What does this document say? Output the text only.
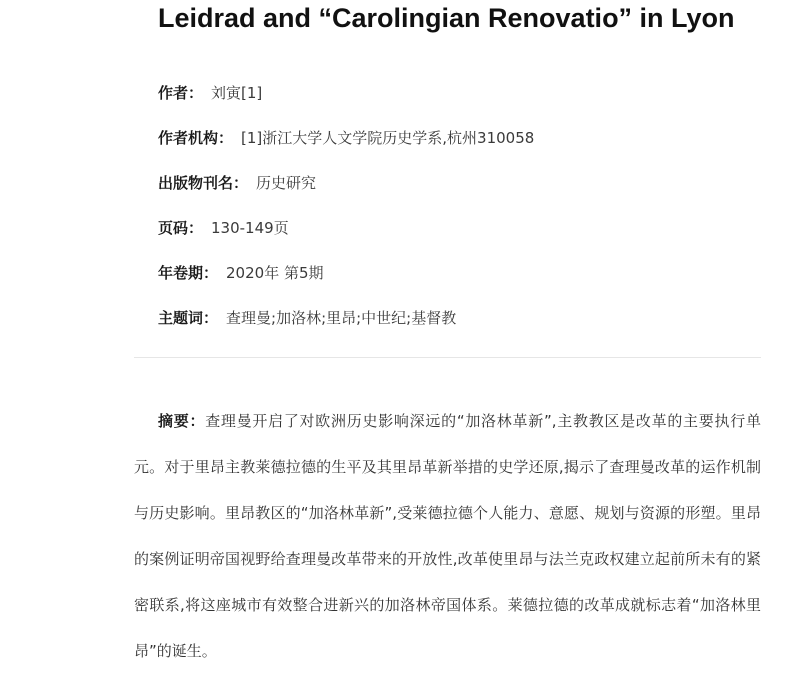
Leidrad and “Carolingian Renovatio” in Lyon
作者： 刘寅[1]
作者机构： [1]浙江大学人文学院历史学系,杭州310058
出版物刊名： 历史研究
页码： 130-149页
年卷期： 2020年 第5期
主题词： 查理曼;加洛林;里昂;中世纪;基督教
摘要：查理曼开启了对欧洲历史影响深远的“加洛林革新”,主教教区是改革的主要执行单元。对于里昂主教莱德拉德的生平及其里昂革新举措的史学还原,揭示了查理曼改革的运作机制与历史影响。里昂教区的“加洛林革新”,受莱德拉德个人能力、意愿、规划与资源的形塑。里昂的案例证明帝国视野给查理曼改革带来的开放性,改革使里昂与法兰克政权建立起前所未有的紧密联系,将这座城市有效整合进新兴的加洛林帝国体系。莱德拉德的改革成就标志着“加洛林里昂”的诞生。
